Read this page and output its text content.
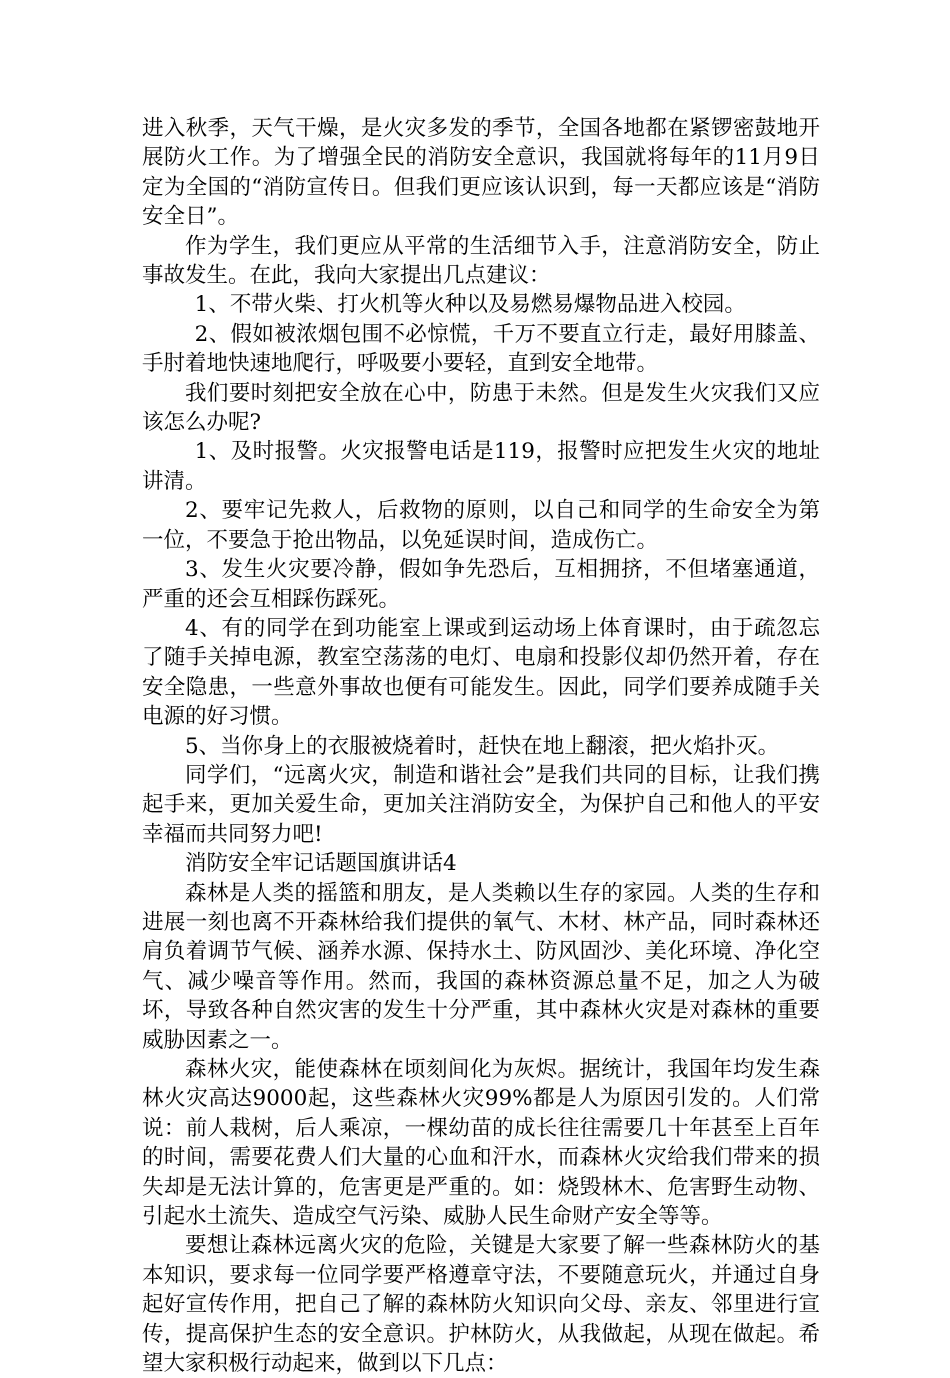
进入秋季，天气干燥，是火灾多发的季节，全国各地都在紧锣密鼓地开展防火工作。为了增强全民的消防安全意识，我国就将每年的11月9日定为全国的“消防宣传日。但我们更应该认识到，每一天都应该是“消防安全日”。

作为学生，我们更应从平常的生活细节入手，注意消防安全，防止事故发生。在此，我向大家提出几点建议：

1、不带火柴、打火机等火种以及易燃易爆物品进入校园。

2、假如被浓烟包围不必惊慌，千万不要直立行走，最好用膝盖、手肘着地快速地爬行，呼吸要小要轻，直到安全地带。

我们要时刻把安全放在心中，防患于未然。但是发生火灾我们又应该怎么办呢?

1、及时报警。火灾报警电话是119，报警时应把发生火灾的地址讲清。

2、要牢记先救人，后救物的原则，以自己和同学的生命安全为第一位，不要急于抢出物品，以免延误时间，造成伤亡。

3、发生火灾要冷静，假如争先恐后，互相拥挤，不但堵塞通道，严重的还会互相踩伤踩死。

4、有的同学在到功能室上课或到运动场上体育课时，由于疏忽忘了随手关掉电源，教室空荡荡的电灯、电扇和投影仪却仍然开着，存在安全隐患，一些意外事故也便有可能发生。因此，同学们要养成随手关电源的好习惯。

5、当你身上的衣服被烧着时，赶快在地上翻滚，把火焰扑灭。

同学们，“远离火灾，制造和谐社会”是我们共同的目标，让我们携起手来，更加关爱生命，更加关注消防安全，为保护自己和他人的平安幸福而共同努力吧!

消防安全牢记话题国旗讲话4

森林是人类的摇篮和朋友，是人类赖以生存的家园。人类的生存和进展一刻也离不开森林给我们提供的氧气、木材、林产品，同时森林还肩负着调节气候、涵养水源、保持水土、防风固沙、美化环境、净化空气、减少噪音等作用。然而，我国的森林资源总量不足，加之人为破坏，导致各种自然灾害的发生十分严重，其中森林火灾是对森林的重要威胁因素之一。

森林火灾，能使森林在顷刻间化为灰烬。据统计，我国年均发生森林火灾高达9000起，这些森林火灾99%都是人为原因引发的。人们常说：前人栽树，后人乘凉，一棵幼苗的成长往往需要几十年甚至上百年的时间，需要花费人们大量的心血和汗水，而森林火灾给我们带来的损失却是无法计算的，危害更是严重的。如：烧毁林木、危害野生动物、引起水土流失、造成空气污染、威胁人民生命财产安全等等。

要想让森林远离火灾的危险，关键是大家要了解一些森林防火的基本知识，要求每一位同学要严格遵章守法，不要随意玩火，并通过自身起好宣传作用，把自己了解的森林防火知识向父母、亲友、邻里进行宣传，提高保护生态的安全意识。护林防火，从我做起，从现在做起。希望大家积极行动起来，做到以下几点：
